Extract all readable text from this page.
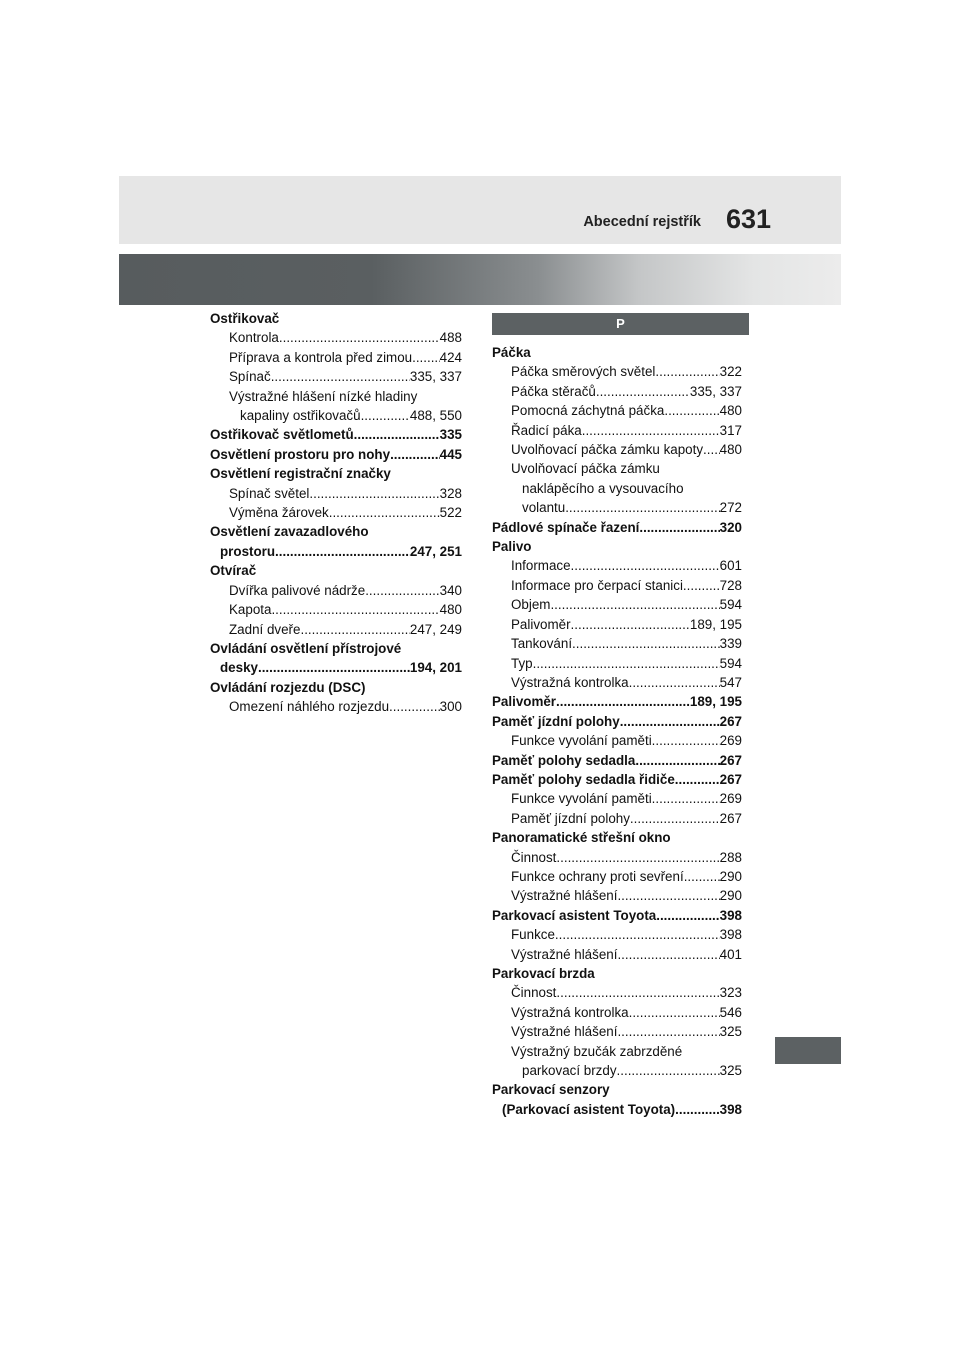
Abecední rejstřík 631
Ostřikovač
Kontrola .....	488
Příprava a kontrola před zimou ..... 424
Spínač .....	335, 337
Výstražné hlášení nízké hladiny
kapaliny ostřikovačů .....	488, 550
Ostřikovač světlometů .....	335
Osvětlení prostoru pro nohy .....	445
Osvětlení registrační značky
Spínač světel .....	328
Výměna žárovek .....	522
Osvětlení zavazadlového
prostoru .....	247, 251
Otvírač
Dvířka palivové nádrže .....	340
Kapota .....	480
Zadní dveře .....	247, 249
Ovládání osvětlení přístrojové
desky .....	194, 201
Ovládání rozjezdu (DSC)
Omezení náhlého rozjezdu .....	300
P
Páčka
Páčka směrových světel .....	322
Páčka stěračů .....	335, 337
Pomocná záchytná páčka .....	480
Řadicí páka .....	317
Uvolňovací páčka zámku kapoty ..... 480
Uvolňovací páčka zámku
naklápěcího a vysouvacího
volantu .....	272
Pádlové spínače řazení .....	320
Palivo
Informace .....	601
Informace pro čerpací stanici .....	728
Objem .....	594
Palivoměr .....	189, 195
Tankování .....	339
Typ .....	594
Výstražná kontrolka .....	547
Palivoměr .....	189, 195
Paměť jízdní polohy .....	267
Funkce vyvolání paměti .....	269
Paměť polohy sedadla .....	267
Paměť polohy sedadla řidiče .....	267
Funkce vyvolání paměti .....	269
Paměť jízdní polohy .....	267
Panoramatické střešní okno
Činnost .....	288
Funkce ochrany proti sevření .....	290
Výstražné hlášení .....	290
Parkovací asistent Toyota .....	398
Funkce .....	398
Výstražné hlášení .....	401
Parkovací brzda
Činnost .....	323
Výstražná kontrolka .....	546
Výstražné hlášení .....	325
Výstražný bzučák zabrzděné
parkovací brzdy .....	325
Parkovací senzory
(Parkovací asistent Toyota) .....	398
